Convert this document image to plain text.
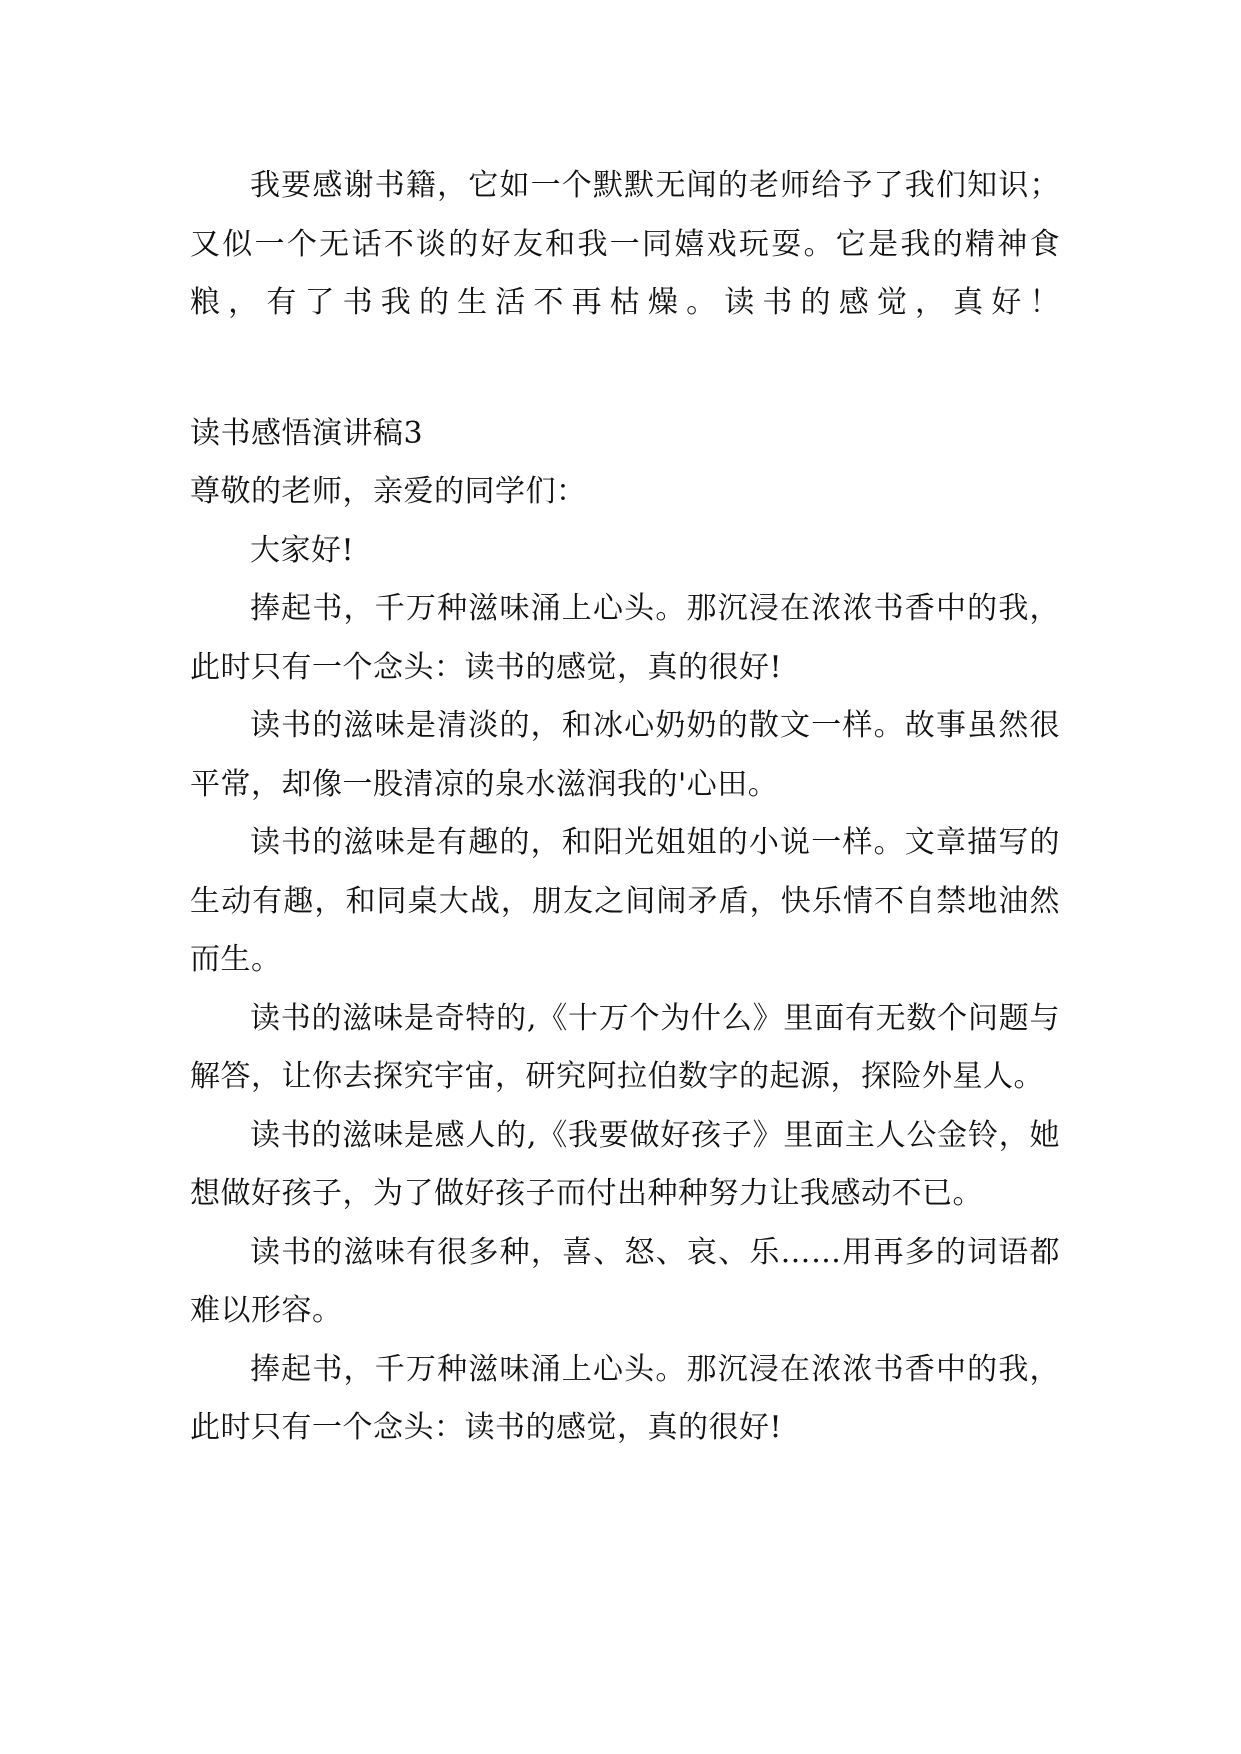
我要感谢书籍，它如一个默默无闻的老师给予了我们知识；又似一个无话不谈的好友和我一同嬉戏玩耍。它是我的精神食粮，有了书我的生活不再枯燥。读书的感觉，真好！

读书感悟演讲稿3

尊敬的老师，亲爱的同学们：

大家好!

捧起书，千万种滋味涌上心头。那沉浸在浓浓书香中的我，此时只有一个念头：读书的感觉，真的很好!

读书的滋味是清淡的，和冰心奶奶的散文一样。故事虽然很平常，却像一股清凉的泉水滋润我的'心田。

读书的滋味是有趣的，和阳光姐姐的小说一样。文章描写的生动有趣，和同桌大战，朋友之间闹矛盾，快乐情不自禁地油然而生。

读书的滋味是奇特的,《十万个为什么》里面有无数个问题与解答，让你去探究宇宙，研究阿拉伯数字的起源，探险外星人。

读书的滋味是感人的,《我要做好孩子》里面主人公金铃，她想做好孩子，为了做好孩子而付出种种努力让我感动不已。

读书的滋味有很多种，喜、怒、哀、乐……用再多的词语都难以形容。

捧起书，千万种滋味涌上心头。那沉浸在浓浓书香中的我，此时只有一个念头：读书的感觉，真的很好!
